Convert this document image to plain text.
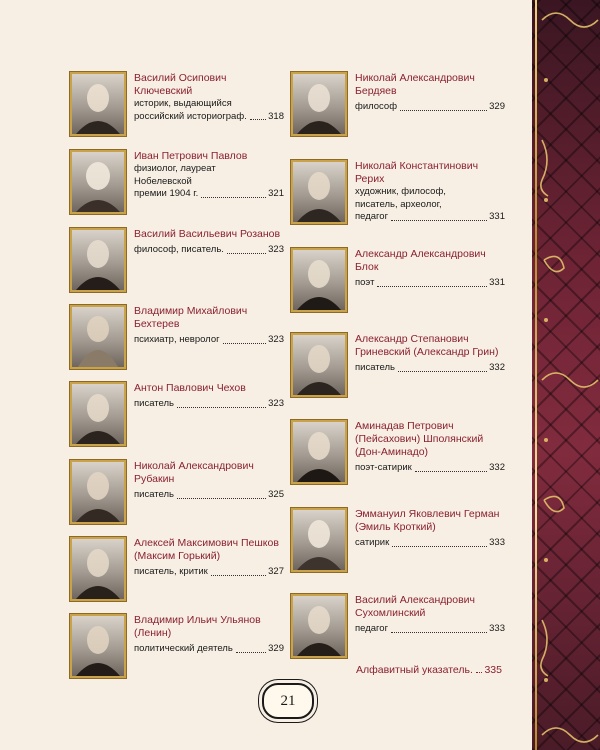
Василий Осипович Ключевский

историк, выдающийся

российский историограф. 318

Иван Петрович Павлов

физиолог, лауреат

Нобелевской

премии 1904 г.	321

Василий Васильевич Розанов

философ, писатель.	323

Владимир Михайлович Бехтерев

психиатр, невролог	323

Антон Павлович Чехов

писатель	323

Николай Александрович Рубакин

писатель	325

Алексей Максимович Пешков (Максим Горький)

писатель, критик	327

Владимир Ильич Ульянов (Ленин)

политический деятель	329

Николай Александрович Бердяев

философ	329

Николай Константинович Рерих

художник, философ,

писатель, археолог,

педагог	331

Александр Александрович Блок

поэт	331

Александр Степанович Гриневский (Александр Грин)

писатель	332

Аминадав Петрович (Пейсахович) Шполянский (Дон-Аминадо)

поэт-сатирик	332

Эммануил Яковлевич Герман (Эмиль Кроткий)

сатирик	333

Василий Александрович Сухомлинский

педагог	333
Алфавитный указатель. 335
21
